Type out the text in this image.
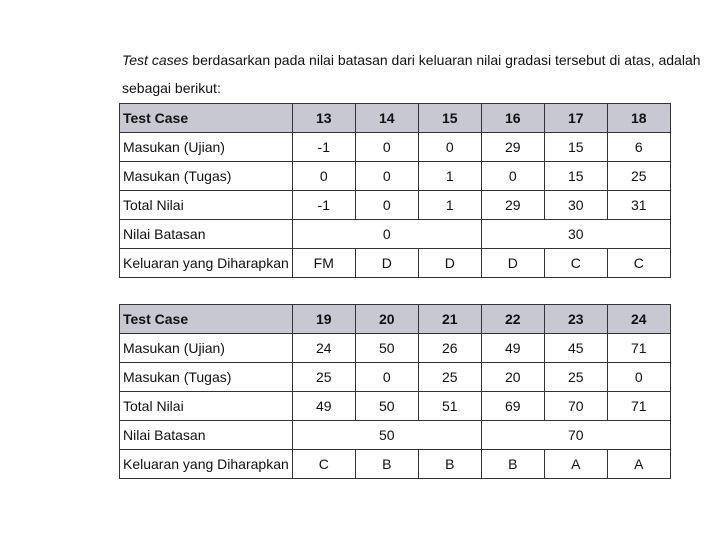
Test cases berdasarkan pada nilai batasan dari keluaran nilai gradasi tersebut di atas, adalah
sebagai berikut:
Test Case	13	14	15	16	17	18
Masukan (Ujian)	-1	0	0	29	15	6
Masukan (Tugas)	0	0	1	0	15	25
Total Nilai	-1	0	1	29	30	31
Nilai Batasan	0			30		
Keluaran yang Diharapkan	FM	D	D	D	C	C
Test Case	19	20	21	22	23	24
Masukan (Ujian)	24	50	26	49	45	71
Masukan (Tugas)	25	0	25	20	25	0
Total Nilai	49	50	51	69	70	71
Nilai Batasan	50			70		
Keluaran yang Diharapkan	C	B	B	B	A	A
